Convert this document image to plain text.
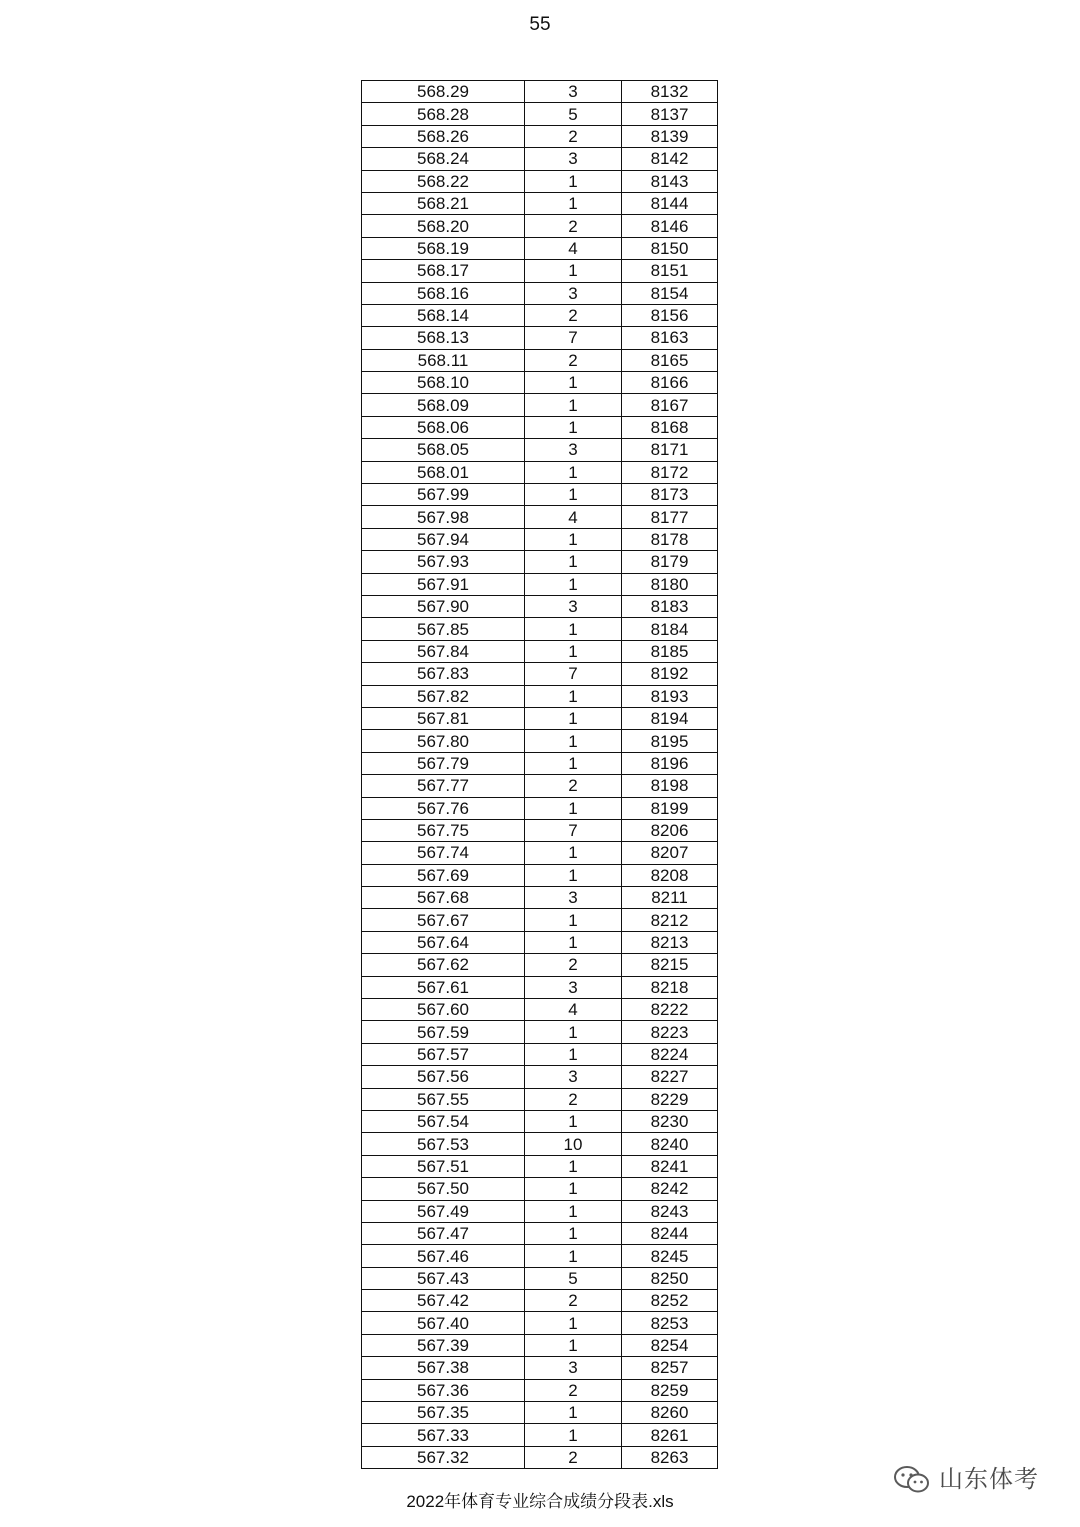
55
568.29	3	8132
568.28	5	8137
568.26	2	8139
568.24	3	8142
568.22	1	8143
568.21	1	8144
568.20	2	8146
568.19	4	8150
568.17	1	8151
568.16	3	8154
568.14	2	8156
568.13	7	8163
568.11	2	8165
568.10	1	8166
568.09	1	8167
568.06	1	8168
568.05	3	8171
568.01	1	8172
567.99	1	8173
567.98	4	8177
567.94	1	8178
567.93	1	8179
567.91	1	8180
567.90	3	8183
567.85	1	8184
567.84	1	8185
567.83	7	8192
567.82	1	8193
567.81	1	8194
567.80	1	8195
567.79	1	8196
567.77	2	8198
567.76	1	8199
567.75	7	8206
567.74	1	8207
567.69	1	8208
567.68	3	8211
567.67	1	8212
567.64	1	8213
567.62	2	8215
567.61	3	8218
567.60	4	8222
567.59	1	8223
567.57	1	8224
567.56	3	8227
567.55	2	8229
567.54	1	8230
567.53	10	8240
567.51	1	8241
567.50	1	8242
567.49	1	8243
567.47	1	8244
567.46	1	8245
567.43	5	8250
567.42	2	8252
567.40	1	8253
567.39	1	8254
567.38	3	8257
567.36	2	8259
567.35	1	8260
567.33	1	8261
567.32	2	8263
山东体考
2022年体育专业综合成绩分段表.xls
